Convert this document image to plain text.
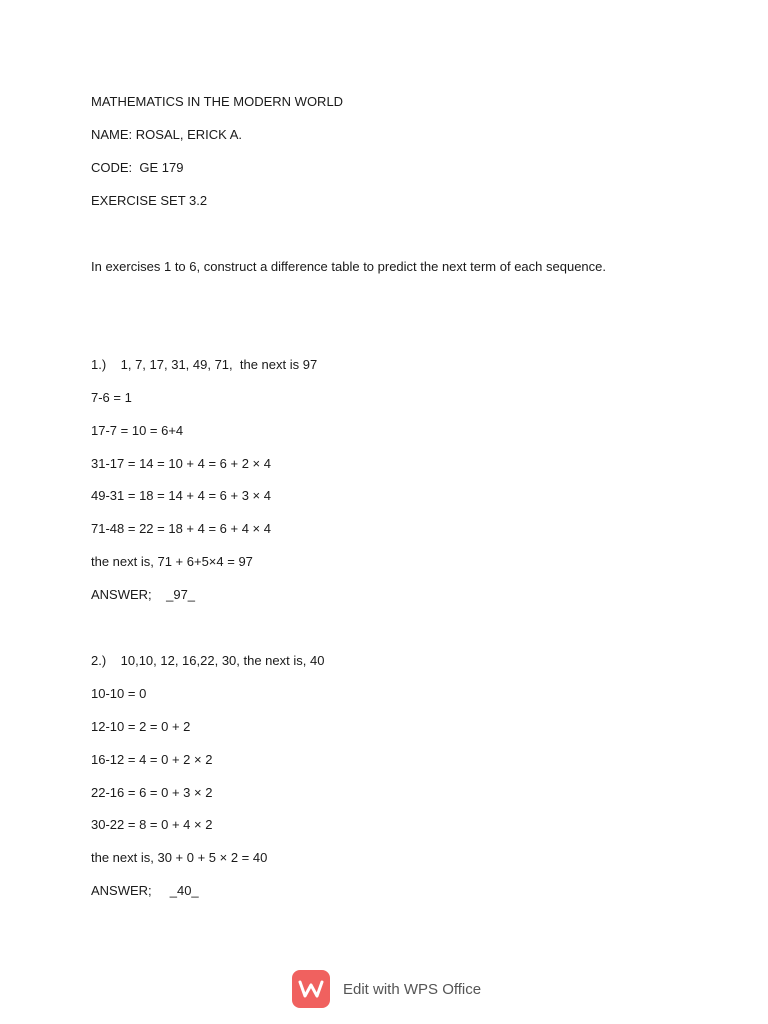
MATHEMATICS IN THE MODERN WORLD
NAME: ROSAL, ERICK A.
CODE:  GE 179
EXERCISE SET 3.2
In exercises 1 to 6, construct a difference table to predict the next term of each sequence.
1.)    1, 7, 17, 31, 49, 71,  the next is 97
7-6 = 1
17-7 = 10 = 6+4
31-17 = 14 = 10 + 4 = 6 + 2 × 4
49-31 = 18 = 14 + 4 = 6 + 3 × 4
71-48 = 22 = 18 + 4 = 6 + 4 × 4
the next is, 71 + 6+5×4 = 97
ANSWER;    _97_
2.)    10,10, 12, 16,22, 30, the next is, 40
10-10 = 0
12-10 = 2 = 0 + 2
16-12 = 4 = 0 + 2 × 2
22-16 = 6 = 0 + 3 × 2
30-22 = 8 = 0 + 4 × 2
the next is, 30 + 0 + 5 × 2 = 40
ANSWER;     _40_
Edit with WPS Office
